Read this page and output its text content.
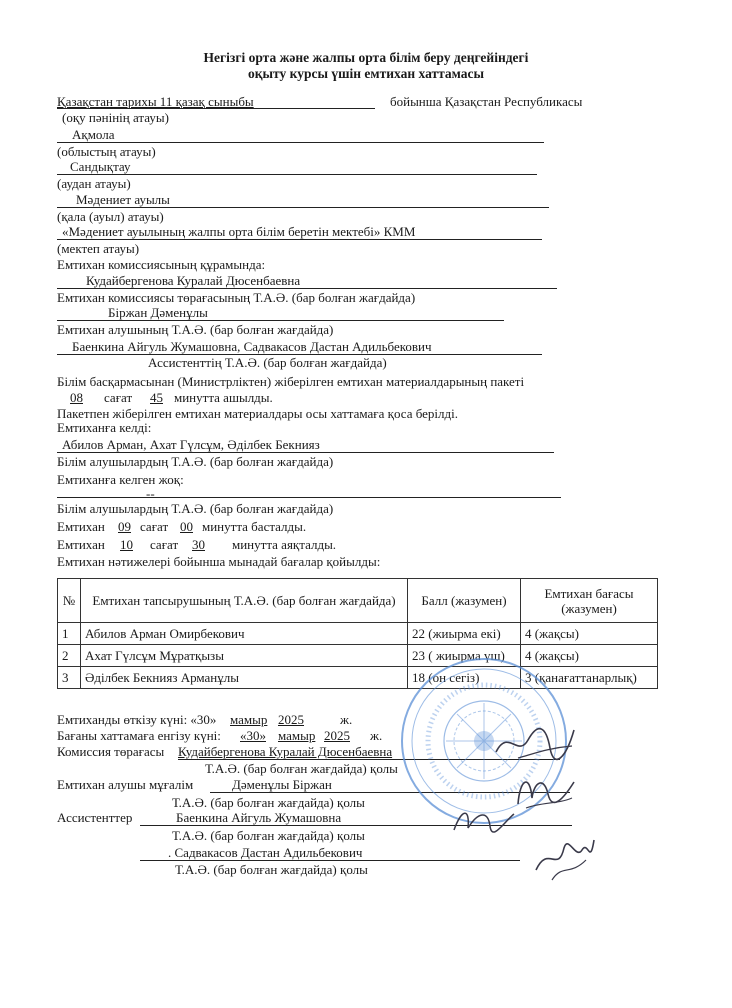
Негізгі орта және жалпы орта білім беру деңгейіндегі
оқыту курсы үшін емтихан хаттамасы
Қазақстан тарихы 11 қазақ сыныбы	бойынша Қазақстан Республикасы
(оқу пәнінің атауы)
Ақмола
(облыстың атауы)
Сандықтау
(аудан атауы)
Мәдениет ауылы
(қала (ауыл) атауы)
«Мәдениет ауылының жалпы орта білім беретін мектебі» КММ
(мектеп атауы)
Емтихан комиссиясының құрамында:
Кудайбергенова Куралай Дюсенбаевна
Емтихан комиссиясы төрағасының Т.А.Ә. (бар болған жағдайда)
Біржан Дәменұлы
Емтихан алушының Т.А.Ә. (бар болған жағдайда)
Баенкина Айгуль Жумашовна, Садвакасов Дастан Адильбекович
Ассистенттің Т.А.Ә. (бар болған жағдайда)
Білім басқармасынан (Министрліктен) жіберілген емтихан материалдарының пакеті
08 сағат 45 минутта ашылды.
Пакетпен жіберілген емтихан материалдары осы хаттамаға қоса берілді.
Емтиханға келді:
Абилов Арман, Ахат Гүлсұм, Әділбек Бекнияз
Білім алушылардың Т.А.Ә. (бар болған жағдайда)
Емтиханға келген жоқ:
--
Білім алушылардың Т.А.Ә. (бар болған жағдайда)
Емтихан 09 сағат 00 минутта басталды.
Емтихан 10 сағат 30 минутта аяқталды.
Емтихан нәтижелері бойынша мынадай бағалар қойылды:
№	Емтихан тапсырушының Т.А.Ә. (бар болған жағдайда)	Балл (жазумен)	Емтихан бағасы (жазумен)
1	Абилов Арман Омирбекович	22 (жиырма екі)	4 (жақсы)
2	Ахат Гүлсұм Мұратқызы	23 ( жиырма үш)	4 (жақсы)
3	Әділбек Бекнияз Арманұлы	18 (он сегіз)	3 (қанағаттанарлық)
Емтиханды өткізу күні: «30» мамыр 2025	ж.
Бағаны хаттамаға енгізу күні: «30» мамыр 2025 ж.
Комиссия төрағасы Кудайбергенова Куралай Дюсенбаевна
Т.А.Ә. (бар болған жағдайда) қолы
Емтихан алушы мұғалім	Дәменұлы Біржан
Т.А.Ә. (бар болған жағдайда) қолы
Ассистенттер	Баенкина Айгуль Жумашовна
Т.А.Ә. (бар болған жағдайда) қолы
. Садвакасов Дастан Адильбекович
Т.А.Ә. (бар болған жағдайда) қолы
